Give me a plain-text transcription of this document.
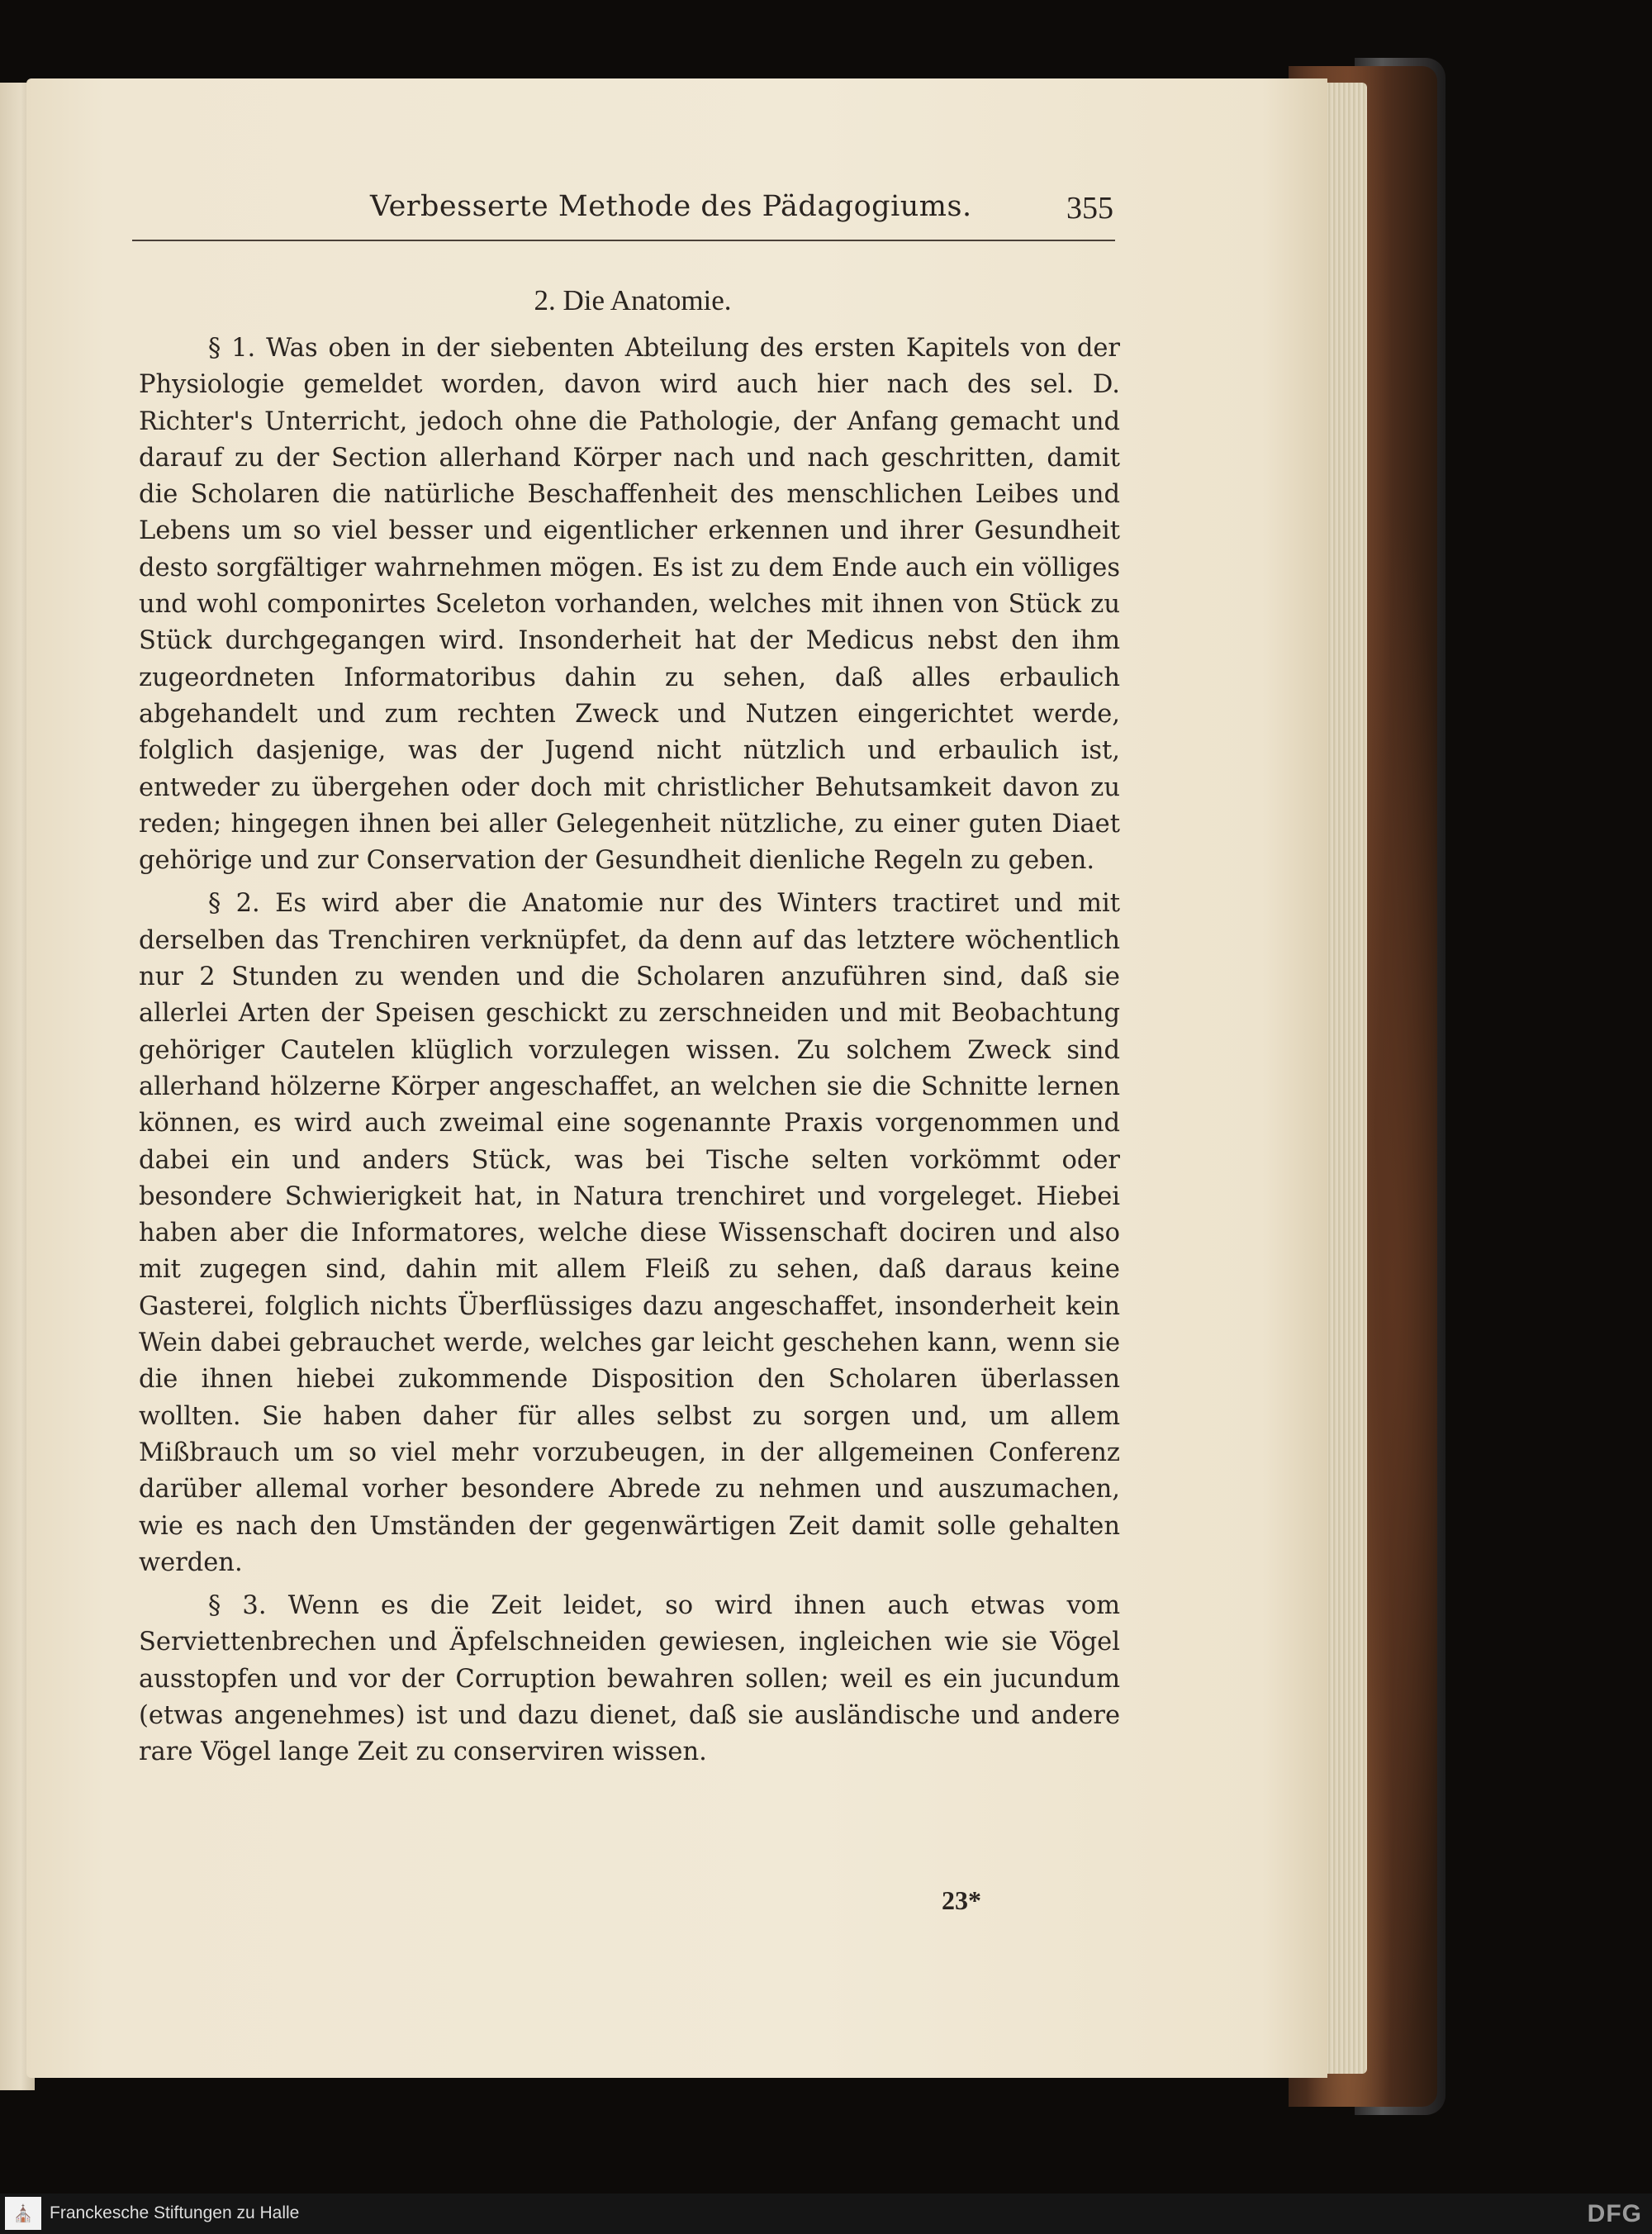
Verbesserte Methode des Pädagogiums.	355
2. Die Anatomie.

§ 1. Was oben in der siebenten Abteilung des ersten Kapitels von der Physiologie gemeldet worden, davon wird auch hier nach des sel. D. Richter's Unterricht, jedoch ohne die Pathologie, der Anfang gemacht und darauf zu der Section allerhand Körper nach und nach geschritten, damit die Scholaren die natürliche Beschaffenheit des menschlichen Leibes und Lebens um so viel besser und eigentlicher erkennen und ihrer Gesundheit desto sorgfältiger wahrnehmen mögen. Es ist zu dem Ende auch ein völliges und wohl componirtes Sceleton vorhanden, welches mit ihnen von Stück zu Stück durchgegangen wird. Insonderheit hat der Medicus nebst den ihm zugeordneten Informatoribus dahin zu sehen, daß alles erbaulich abgehandelt und zum rechten Zweck und Nutzen eingerichtet werde, folglich dasjenige, was der Jugend nicht nützlich und erbaulich ist, entweder zu übergehen oder doch mit christlicher Behutsamkeit davon zu reden; hingegen ihnen bei aller Gelegenheit nützliche, zu einer guten Diaet gehörige und zur Conservation der Gesundheit dienliche Regeln zu geben.

§ 2. Es wird aber die Anatomie nur des Winters tractiret und mit derselben das Trenchiren verknüpfet, da denn auf das letztere wöchentlich nur 2 Stunden zu wenden und die Scholaren anzuführen sind, daß sie allerlei Arten der Speisen geschickt zu zerschneiden und mit Beobachtung gehöriger Cautelen klüglich vorzulegen wissen. Zu solchem Zweck sind allerhand hölzerne Körper angeschaffet, an welchen sie die Schnitte lernen können, es wird auch zweimal eine sogenannte Praxis vorgenommen und dabei ein und anders Stück, was bei Tische selten vorkömmt oder besondere Schwierigkeit hat, in Natura trenchiret und vorgeleget. Hiebei haben aber die Informatores, welche diese Wissenschaft dociren und also mit zugegen sind, dahin mit allem Fleiß zu sehen, daß daraus keine Gasterei, folglich nichts Überflüssiges dazu angeschaffet, insonderheit kein Wein dabei gebrauchet werde, welches gar leicht geschehen kann, wenn sie die ihnen hiebei zukommende Disposition den Scholaren überlassen wollten. Sie haben daher für alles selbst zu sorgen und, um allem Mißbrauch um so viel mehr vorzubeugen, in der allgemeinen Conferenz darüber allemal vorher besondere Abrede zu nehmen und auszumachen, wie es nach den Umständen der gegenwärtigen Zeit damit solle gehalten werden.

§ 3. Wenn es die Zeit leidet, so wird ihnen auch etwas vom Serviettenbrechen und Äpfelschneiden gewiesen, ingleichen wie sie Vögel ausstopfen und vor der Corruption bewahren sollen; weil es ein jucundum (etwas angenehmes) ist und dazu dienet, daß sie ausländische und andere rare Vögel lange Zeit zu conserviren wissen.

23*
⛪ Franckesche Stiftungen zu Halle	DFG
